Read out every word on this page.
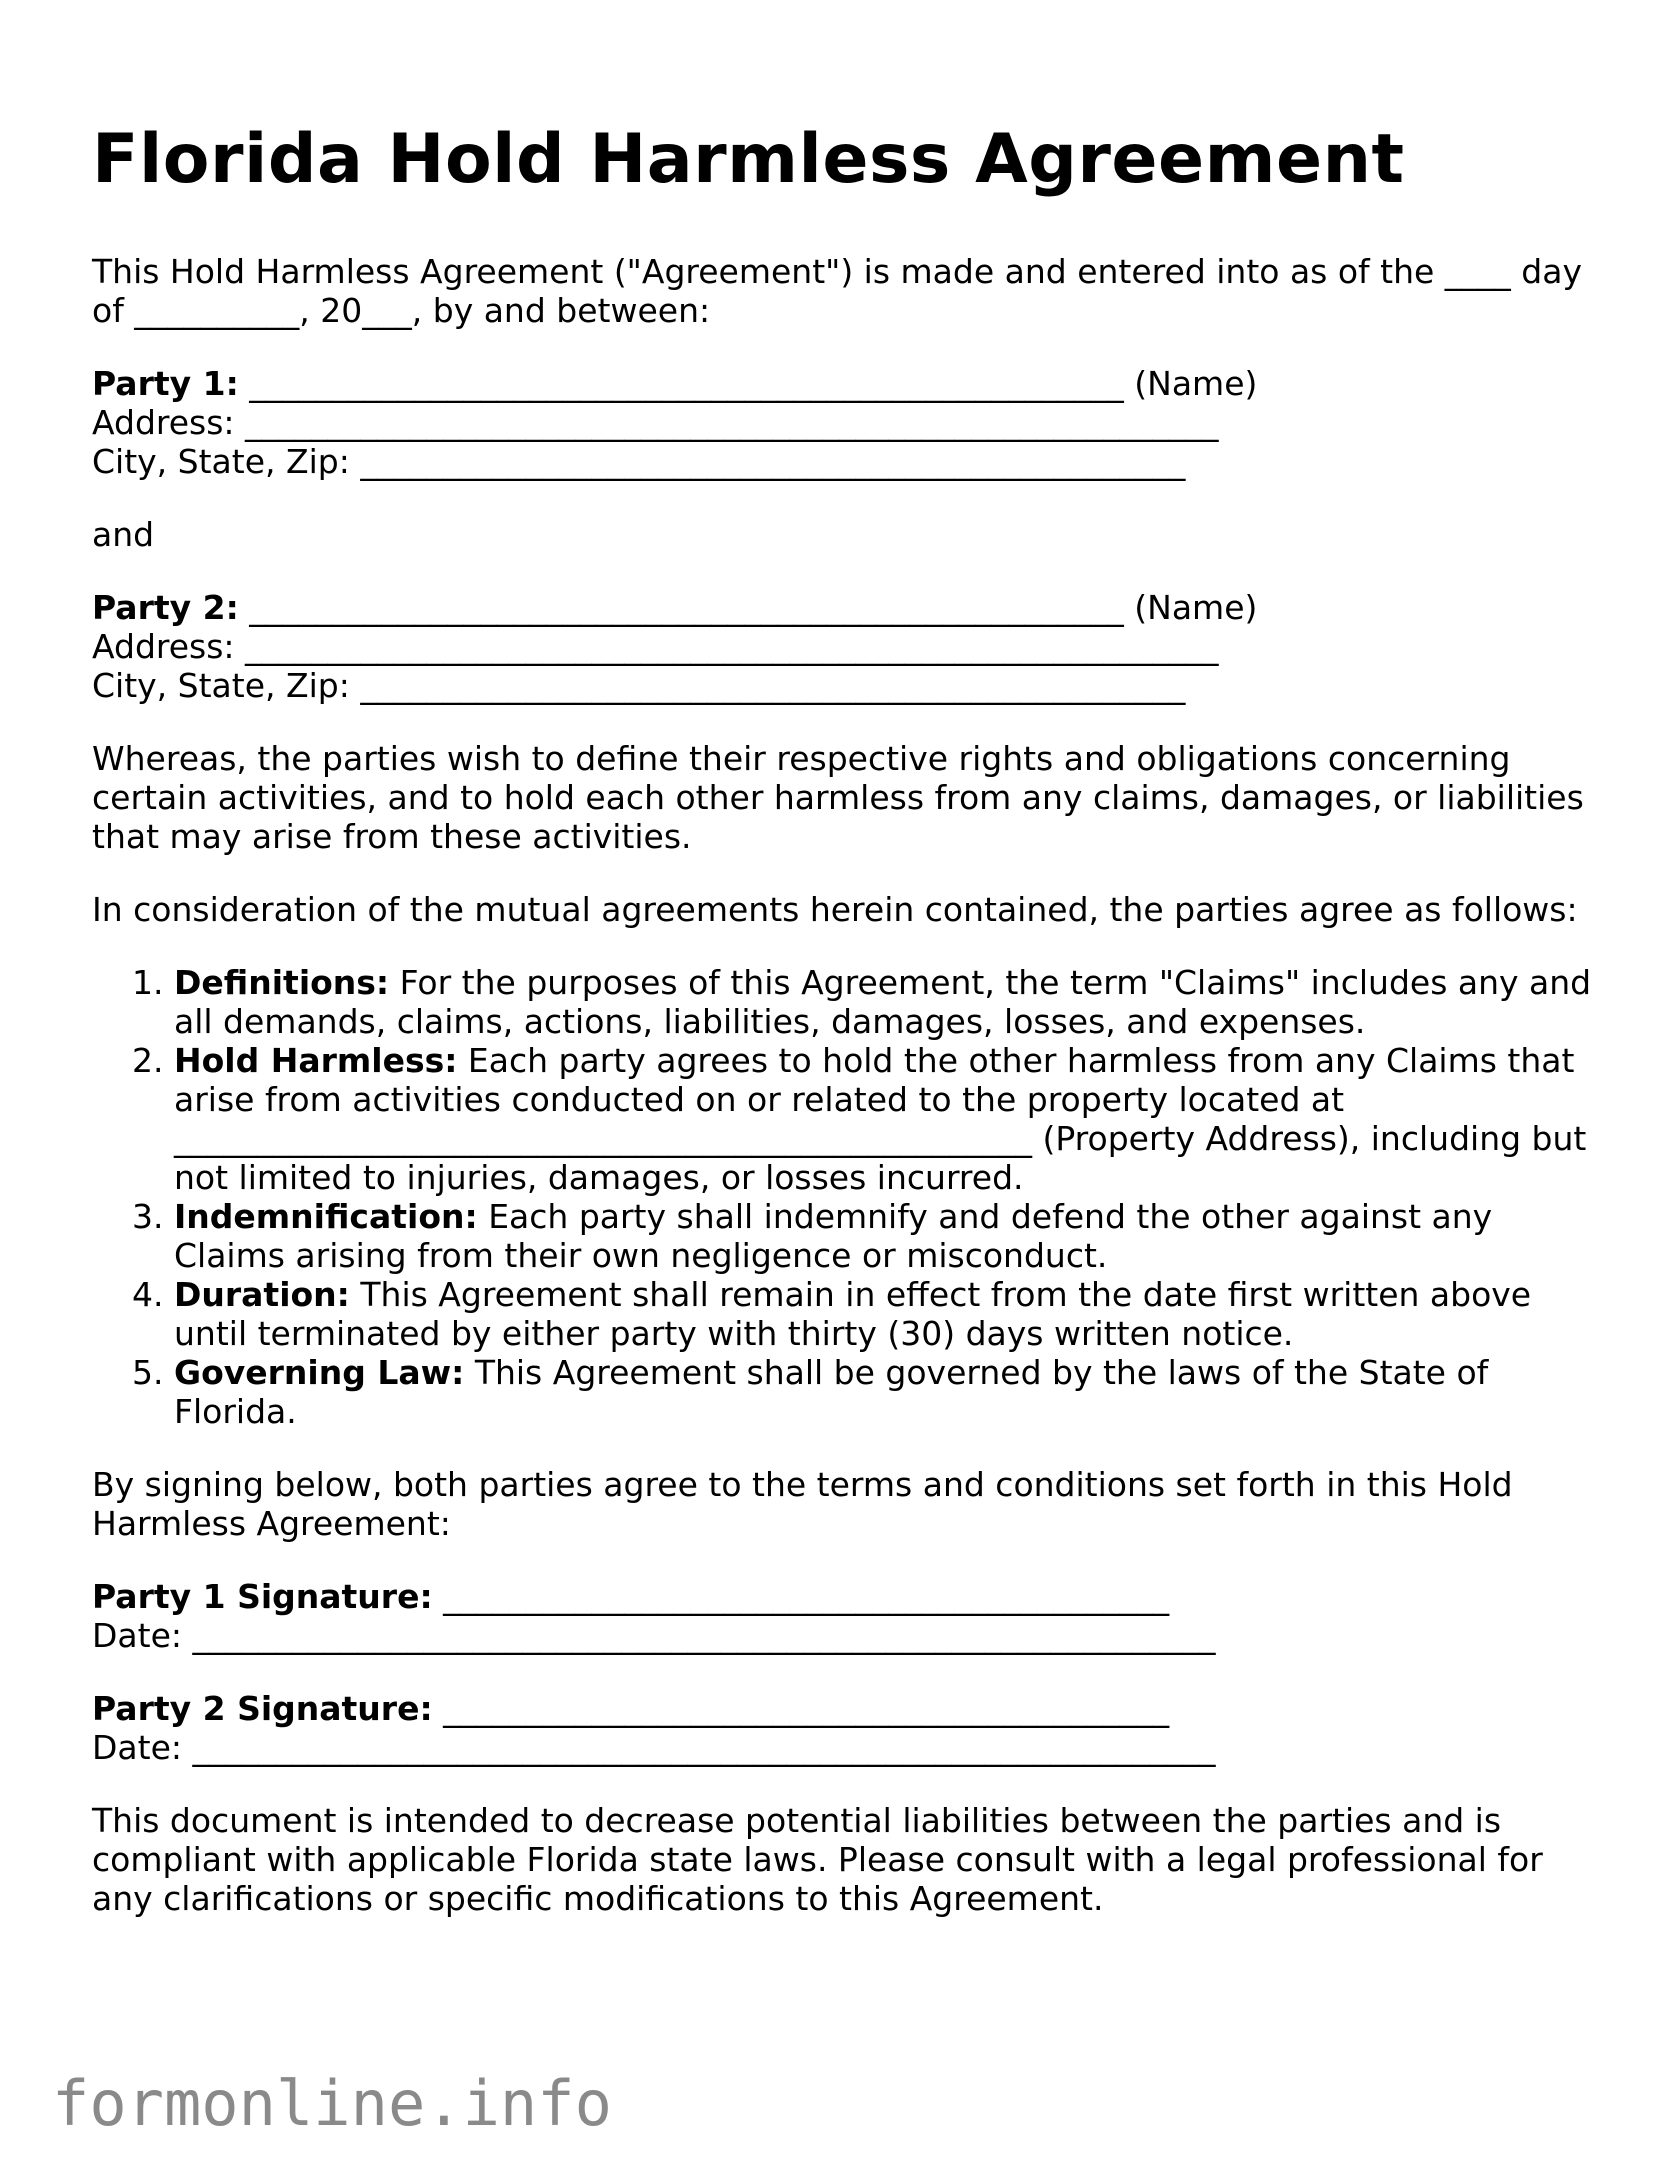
Florida Hold Harmless Agreement

This Hold Harmless Agreement ("Agreement") is made and entered into as of the ____ day of __________, 20___, by and between:

Party 1: _____________________________________________________ (Name)
Address: ___________________________________________________________
City, State, Zip: __________________________________________________

and

Party 2: _____________________________________________________ (Name)
Address: ___________________________________________________________
City, State, Zip: __________________________________________________

Whereas, the parties wish to define their respective rights and obligations concerning certain activities, and to hold each other harmless from any claims, damages, or liabilities that may arise from these activities.

In consideration of the mutual agreements herein contained, the parties agree as follows:

1. Definitions: For the purposes of this Agreement, the term "Claims" includes any and all demands, claims, actions, liabilities, damages, losses, and expenses.
2. Hold Harmless: Each party agrees to hold the other harmless from any Claims that arise from activities conducted on or related to the property located at ____________________________________________________ (Property Address), including but not limited to injuries, damages, or losses incurred.
3. Indemnification: Each party shall indemnify and defend the other against any Claims arising from their own negligence or misconduct.
4. Duration: This Agreement shall remain in effect from the date first written above until terminated by either party with thirty (30) days written notice.
5. Governing Law: This Agreement shall be governed by the laws of the State of Florida.

By signing below, both parties agree to the terms and conditions set forth in this Hold Harmless Agreement:

Party 1 Signature: ____________________________________________
Date: ______________________________________________________________
Party 2 Signature: ____________________________________________
Date: ______________________________________________________________

This document is intended to decrease potential liabilities between the parties and is compliant with applicable Florida state laws. Please consult with a legal professional for any clarifications or specific modifications to this Agreement.

formonline.info
